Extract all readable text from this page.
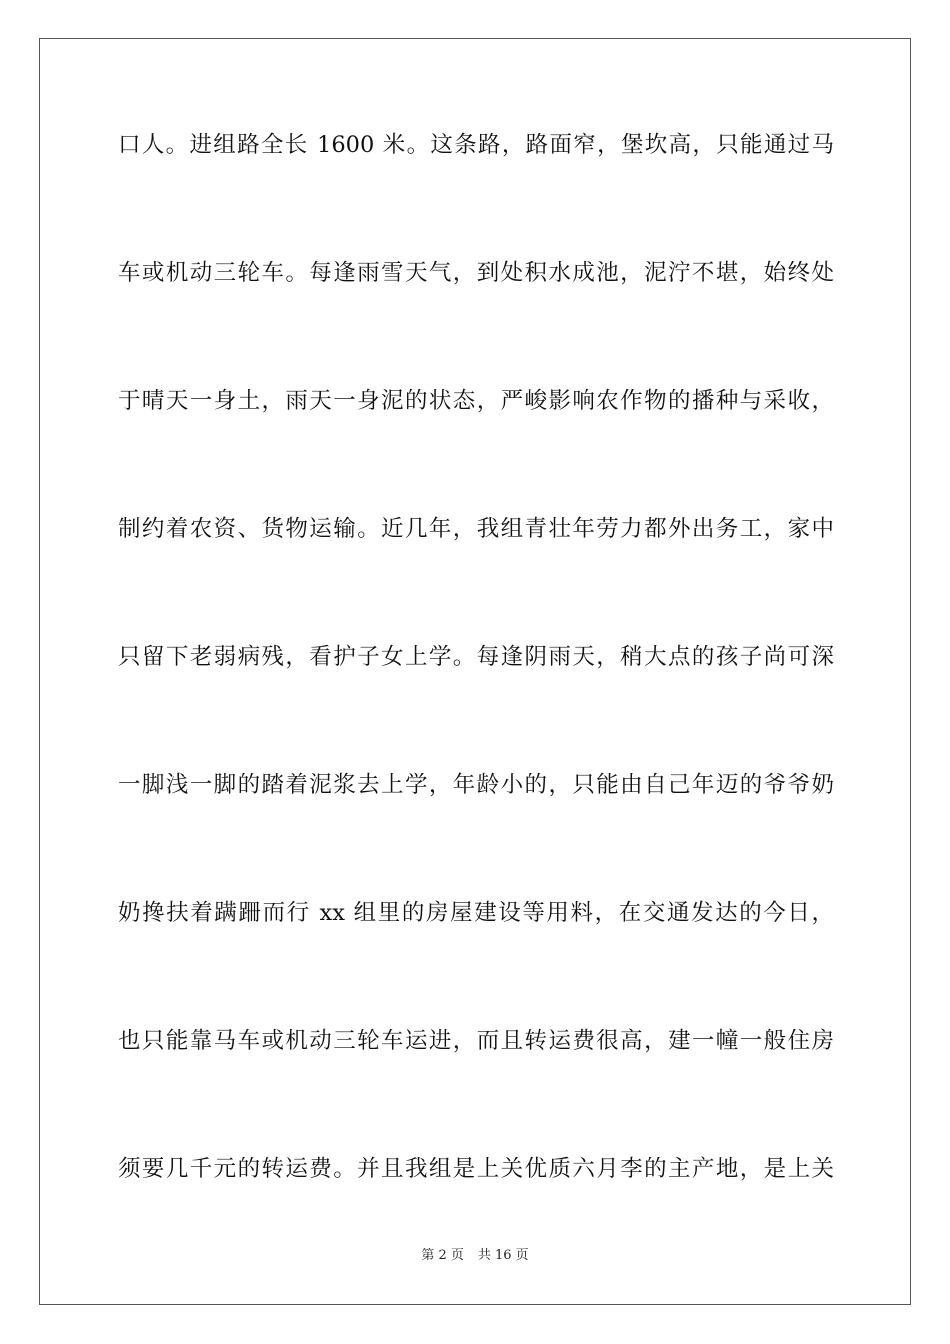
口人。进组路全长 1600 米。这条路，路面窄，堡坎高，只能通过马
车或机动三轮车。每逢雨雪天气，到处积水成池，泥泞不堪，始终处
于晴天一身土，雨天一身泥的状态，严峻影响农作物的播种与采收，
制约着农资、货物运输。近几年，我组青壮年劳力都外出务工，家中
只留下老弱病残，看护子女上学。每逢阴雨天，稍大点的孩子尚可深
一脚浅一脚的踏着泥浆去上学，年龄小的，只能由自己年迈的爷爷奶
奶搀扶着蹒跚而行 xx 组里的房屋建设等用料，在交通发达的今日，
也只能靠马车或机动三轮车运进，而且转运费很高，建一幢一般住房
须要几千元的转运费。并且我组是上关优质六月李的主产地，是上关
第 2 页 共 16 页
